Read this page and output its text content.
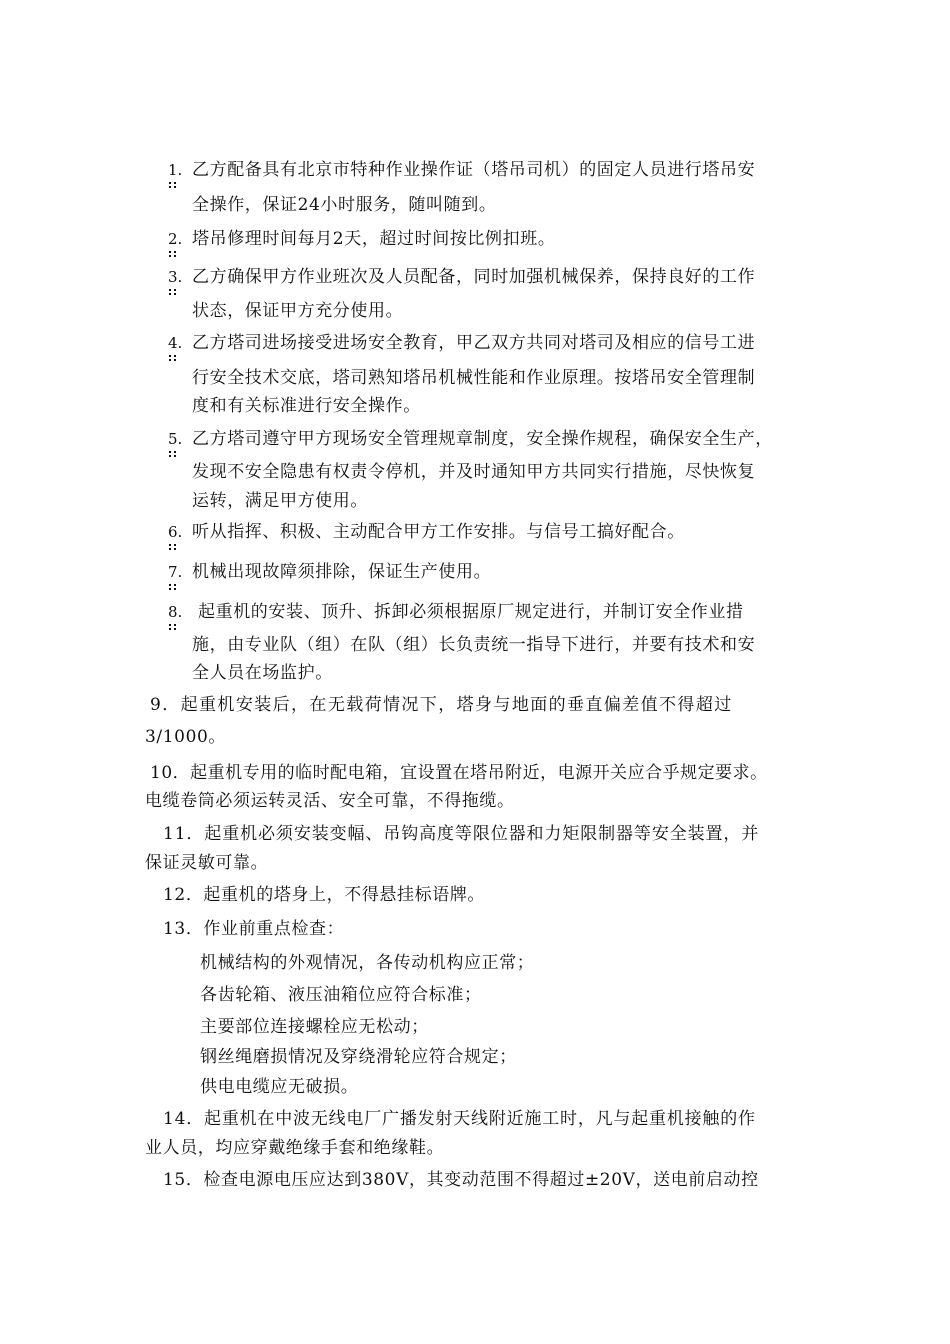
1. 乙方配备具有北京市特种作业操作证（塔吊司机）的固定人员进行塔吊安
全操作，保证24小时服务，随叫随到。
2. 塔吊修理时间每月2天，超过时间按比例扣班。
3. 乙方确保甲方作业班次及人员配备，同时加强机械保养，保持良好的工作
状态，保证甲方充分使用。
4. 乙方塔司进场接受进场安全教育，甲乙双方共同对塔司及相应的信号工进
行安全技术交底，塔司熟知塔吊机械性能和作业原理。按塔吊安全管理制
度和有关标准进行安全操作。
5. 乙方塔司遵守甲方现场安全管理规章制度，安全操作规程，确保安全生产，
发现不安全隐患有权责令停机，并及时通知甲方共同实行措施，尽快恢复
运转，满足甲方使用。
6. 听从指挥、积极、主动配合甲方工作安排。与信号工搞好配合。
7. 机械出现故障须排除，保证生产使用。
8. 起重机的安装、顶升、拆卸必须根据原厂规定进行，并制订安全作业措
施，由专业队（组）在队（组）长负责统一指导下进行，并要有技术和安
全人员在场监护。
9．起重机安装后，在无载荷情况下，塔身与地面的垂直偏差值不得超过
3/1000。
10．起重机专用的临时配电箱，宜设置在塔吊附近，电源开关应合乎规定要求。
电缆卷筒必须运转灵活、安全可靠，不得拖缆。
11．起重机必须安装变幅、吊钩高度等限位器和力矩限制器等安全装置，并
保证灵敏可靠。
12．起重机的塔身上，不得悬挂标语牌。
13．作业前重点检查：
机械结构的外观情况，各传动机构应正常；
各齿轮箱、液压油箱位应符合标准；
主要部位连接螺栓应无松动；
钢丝绳磨损情况及穿绕滑轮应符合规定；
供电电缆应无破损。
14．起重机在中波无线电厂广播发射天线附近施工时，凡与起重机接触的作
业人员，均应穿戴绝缘手套和绝缘鞋。
15．检查电源电压应达到380V，其变动范围不得超过±20V，送电前启动控
